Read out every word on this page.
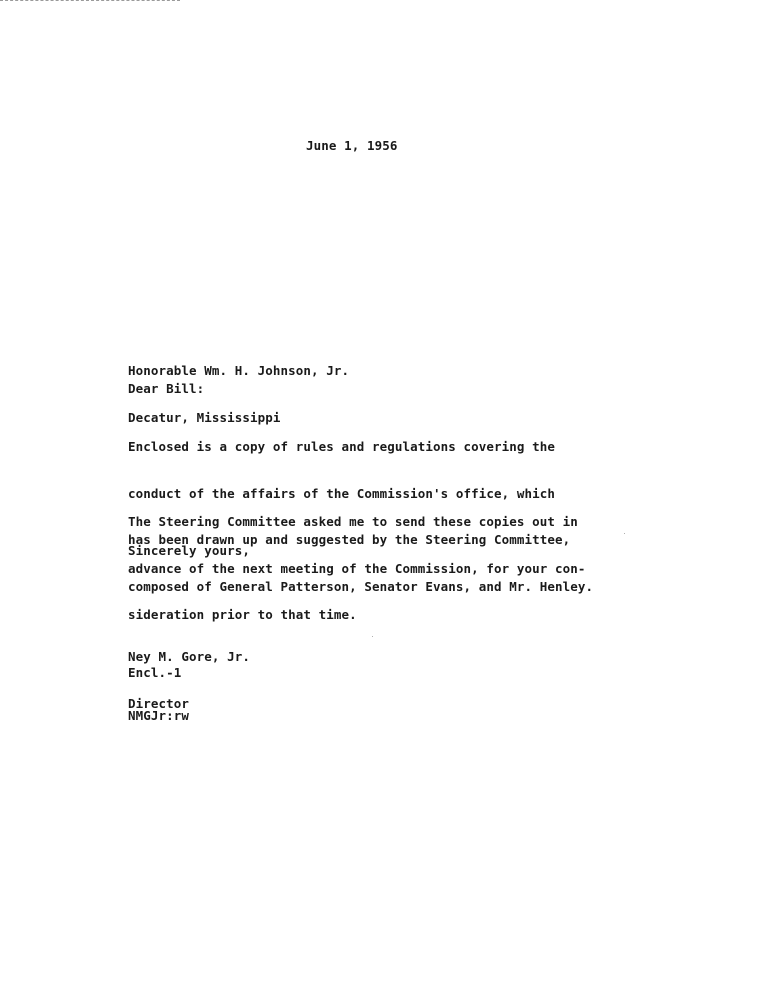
June 1, 1956

Honorable Wm. H. Johnson, Jr.

Decatur, Mississippi

Dear Bill:

Enclosed is a copy of rules and regulations covering the

conduct of the affairs of the Commission's office, which

has been drawn up and suggested by the Steering Committee,

composed of General Patterson, Senator Evans, and Mr. Henley.

The Steering Committee asked me to send these copies out in

advance of the next meeting of the Commission, for your con-

sideration prior to that time.

Sincerely yours,

Ney M. Gore, Jr.

Director

Encl.-1
NMGJr:rw
